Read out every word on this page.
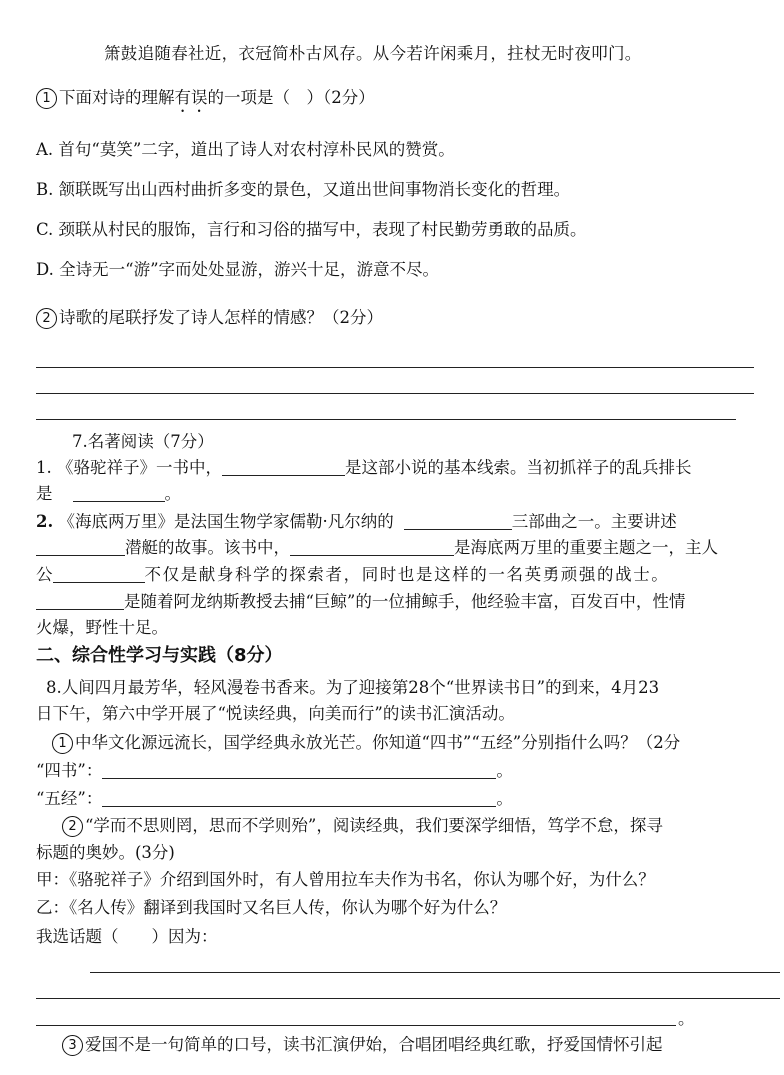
箫鼓追随春社近，衣冠简朴古风存。从今若许闲乘月，拄杖无时夜叩门。
1 下面对诗的理解有误的一项是（　）（2分）
A. 首句“莫笑”二字，道出了诗人对农村淳朴民风的赞赏。
B. 颔联既写出山西村曲折多变的景色，又道出世间事物消长变化的哲理。
C. 颈联从村民的服饰，言行和习俗的描写中，表现了村民勤劳勇敢的品质。
D. 全诗无一“游”字而处处显游，游兴十足，游意不尽。
2 诗歌的尾联抒发了诗人怎样的情感？（2分）
7.名著阅读（7分）
1. 《骆驼祥子》一书中，	是这部小说的基本线索。当初抓祥子的乱兵排长
是	。
2. 《海底两万里》是法国生物学家儒勒·凡尔纳的	三部曲之一。主要讲述
潜艇的故事。该书中，	是海底两万里的重要主题之一，主人
公	不仅是献身科学的探索者，同时也是这样的一名英勇顽强的战士。
是随着阿龙纳斯教授去捕“巨鲸”的一位捕鲸手，他经验丰富，百发百中，性情
火爆，野性十足。
二、综合性学习与实践（8分）
8.人间四月最芳华，轻风漫卷书香来。为了迎接第28个“世界读书日”的到来，4月23
日下午，第六中学开展了“悦读经典，向美而行”的读书汇演活动。
1 中华文化源远流长，国学经典永放光芒。你知道“四书”“五经”分别指什么吗？（2分
“四书”：	。
“五经”：	。
2 “学而不思则罔，思而不学则殆”，阅读经典，我们要深学细悟，笃学不怠，探寻
标题的奥妙。(3分)
甲：《骆驼祥子》介绍到国外时，有人曾用拉车夫作为书名，你认为哪个好，为什么？
乙：《名人传》翻译到我国时又名巨人传，你认为哪个好为什么？
我选话题（　　）因为：
。
3 爱国不是一句简单的口号，读书汇演伊始，合唱团唱经典红歌，抒爱国情怀引起
